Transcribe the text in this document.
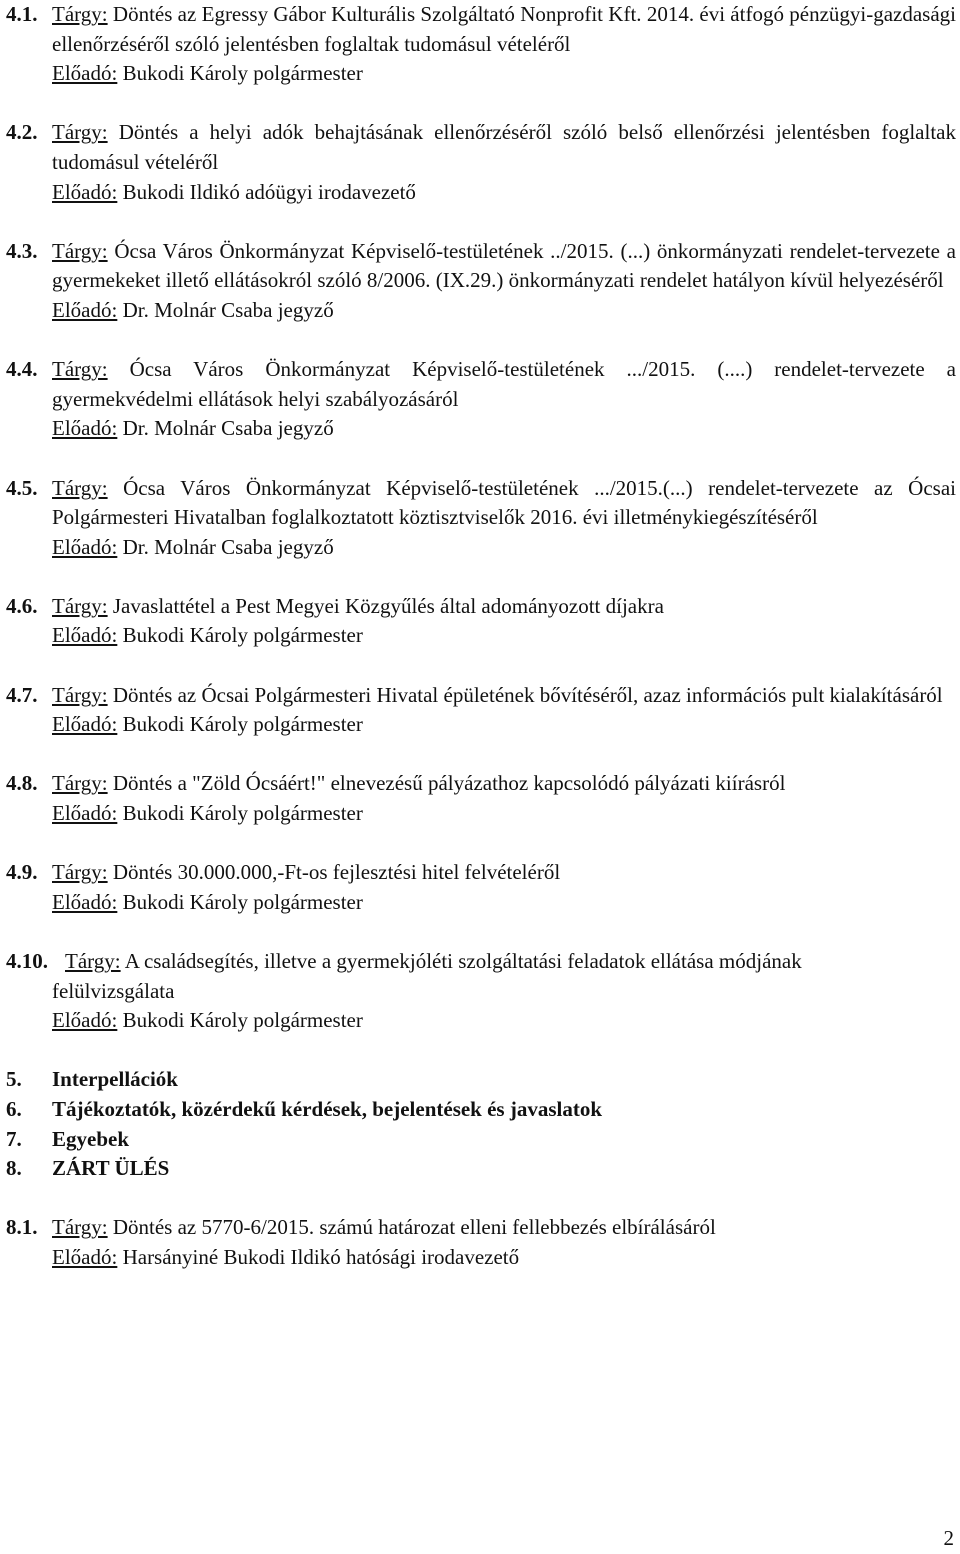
4.1. Tárgy: Döntés az Egressy Gábor Kulturális Szolgáltató Nonprofit Kft. 2014. évi átfogó pénzügyi-gazdasági ellenőrzéséről szóló jelentésben foglaltak tudomásul vételéről
Előadó: Bukodi Károly polgármester
4.2. Tárgy: Döntés a helyi adók behajtásának ellenőrzéséről szóló belső ellenőrzési jelentésben foglaltak tudomásul vételéről
Előadó: Bukodi Ildikó adóügyi irodavezető
4.3. Tárgy: Ócsa Város Önkormányzat Képviselő-testületének ../2015. (...) önkormányzati rendelet-tervezete a gyermekeket illető ellátásokról szóló 8/2006. (IX.29.) önkormányzati rendelet hatályon kívül helyezéséről
Előadó: Dr. Molnár Csaba jegyző
4.4. Tárgy: Ócsa Város Önkormányzat Képviselő-testületének .../2015. (....) rendelet-tervezete a gyermekvédelmi ellátások helyi szabályozásáról
Előadó: Dr. Molnár Csaba jegyző
4.5. Tárgy: Ócsa Város Önkormányzat Képviselő-testületének .../2015.(...) rendelet-tervezete az Ócsai Polgármesteri Hivatalban foglalkoztatott köztisztviselők 2016. évi illetménykiegészítéséről
Előadó: Dr. Molnár Csaba jegyző
4.6. Tárgy: Javaslattétel a Pest Megyei Közgyűlés által adományozott díjakra
Előadó: Bukodi Károly polgármester
4.7. Tárgy: Döntés az Ócsai Polgármesteri Hivatal épületének bővítéséről, azaz információs pult kialakításáról
Előadó: Bukodi Károly polgármester
4.8. Tárgy: Döntés a "Zöld Ócsáért!" elnevezésű pályázathoz kapcsolódó pályázati kiírásról
Előadó: Bukodi Károly polgármester
4.9. Tárgy: Döntés 30.000.000,-Ft-os fejlesztési hitel felvételéről
Előadó: Bukodi Károly polgármester
4.10. Tárgy: A családsegítés, illetve a gyermekjóléti szolgáltatási feladatok ellátása módjának felülvizsgálata
Előadó: Bukodi Károly polgármester
5. Interpellációk
6. Tájékoztatók, közérdekű kérdések, bejelentések és javaslatok
7. Egyebek
8. ZÁRT ÜLÉS
8.1. Tárgy: Döntés az 5770-6/2015. számú határozat elleni fellebbezés elbírálásáról
Előadó: Harsányiné Bukodi Ildikó hatósági irodavezető
2
